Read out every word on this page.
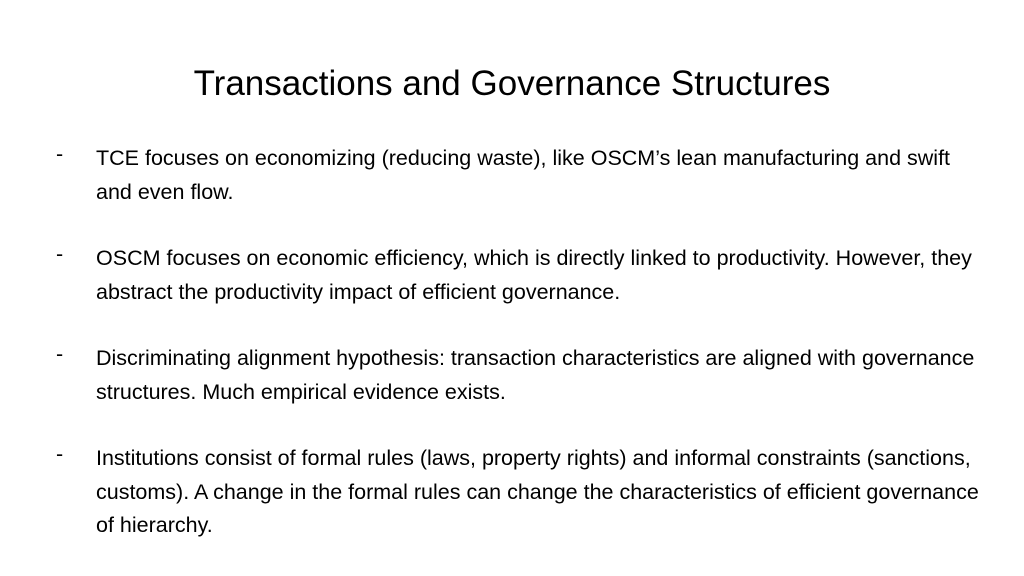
Transactions and Governance Structures
-	TCE focuses on economizing (reducing waste), like OSCM’s lean manufacturing and swift and even flow.
-	OSCM focuses on economic efficiency, which is directly linked to productivity. However, they abstract the productivity impact of efficient governance.
-	Discriminating alignment hypothesis: transaction characteristics are aligned with governance structures. Much empirical evidence exists.
-	Institutions consist of formal rules (laws, property rights) and informal constraints (sanctions, customs). A change in the formal rules can change the characteristics of efficient governance of hierarchy.
